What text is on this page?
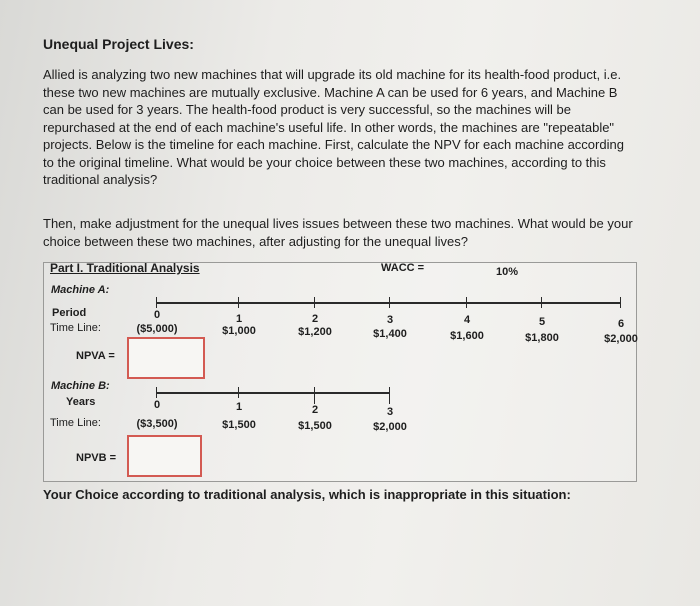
Unequal Project Lives:

Allied is analyzing two new machines that will upgrade its old machine for its health-food product, i.e. these two new machines are mutually exclusive. Machine A can be used for 6 years, and Machine B can be used for 3 years. The health-food product is very successful, so the machines will be repurchased at the end of each machine's useful life. In other words, the machines are "repeatable" projects. Below is the timeline for each machine. First, calculate the NPV for each machine according to the original timeline. What would be your choice between these two machines, according to this traditional analysis?

Then, make adjustment for the unequal lives issues between these two machines. What would be your choice between these two machines, after adjusting for the unequal lives?

Part I. Traditional Analysis	WACC =	10%
Machine A:
Period
Time Line:
0	1	2	3	4	5	6
($5,000)	$1,000	$1,200	$1,400	$1,600	$1,800	$2,000
NPVA =
Machine B:
Years
Time Line:
0	1	2	3
($3,500)	$1,500	$1,500	$2,000
NPVB =
Your Choice according to traditional analysis, which is inappropriate in this situation:
